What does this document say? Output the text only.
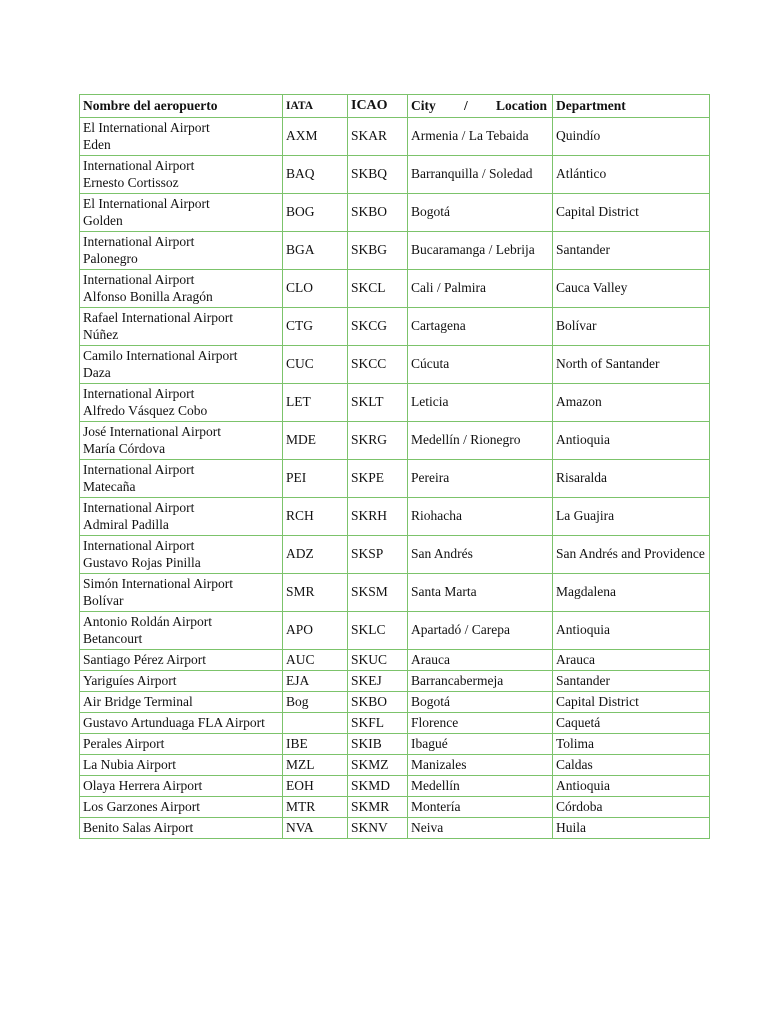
Nombre del aeropuerto	IATA	ICAO	City / Location	Department

El International Airport
Eden	AXM	SKAR	Armenia / La Tebaida	Quindío

International Airport
Ernesto Cortissoz	BAQ	SKBQ	Barranquilla / Soledad	Atlántico

El International Airport
Golden	BOG	SKBO	Bogotá	Capital District

International Airport
Palonegro	BGA	SKBG	Bucaramanga / Lebrija	Santander

International Airport
Alfonso Bonilla Aragón	CLO	SKCL	Cali / Palmira	Cauca Valley

Rafael International Airport
Núñez	CTG	SKCG	Cartagena	Bolívar

Camilo International Airport
Daza	CUC	SKCC	Cúcuta	North of Santander

International Airport
Alfredo Vásquez Cobo	LET	SKLT	Leticia	Amazon

José International Airport
María Córdova	MDE	SKRG	Medellín / Rionegro	Antioquia

International Airport
Matecaña	PEI	SKPE	Pereira	Risaralda

International Airport
Admiral Padilla	RCH	SKRH	Riohacha	La Guajira

International Airport
Gustavo Rojas Pinilla	ADZ	SKSP	San Andrés	San Andrés and Providence

Simón International Airport
Bolívar	SMR	SKSM	Santa Marta	Magdalena

Antonio Roldán Airport
Betancourt	APO	SKLC	Apartadó / Carepa	Antioquia

Santiago Pérez Airport	AUC	SKUC	Arauca	Arauca

Yariguíes Airport	EJA	SKEJ	Barrancabermeja	Santander

Air Bridge Terminal	Bog	SKBO	Bogotá	Capital District

Gustavo Artunduaga FLA Airport		SKFL	Florence	Caquetá

Perales Airport	IBE	SKIB	Ibagué	Tolima

La Nubia Airport	MZL	SKMZ	Manizales	Caldas

Olaya Herrera Airport	EOH	SKMD	Medellín	Antioquia

Los Garzones Airport	MTR	SKMR	Montería	Córdoba

Benito Salas Airport	NVA	SKNV	Neiva	Huila
